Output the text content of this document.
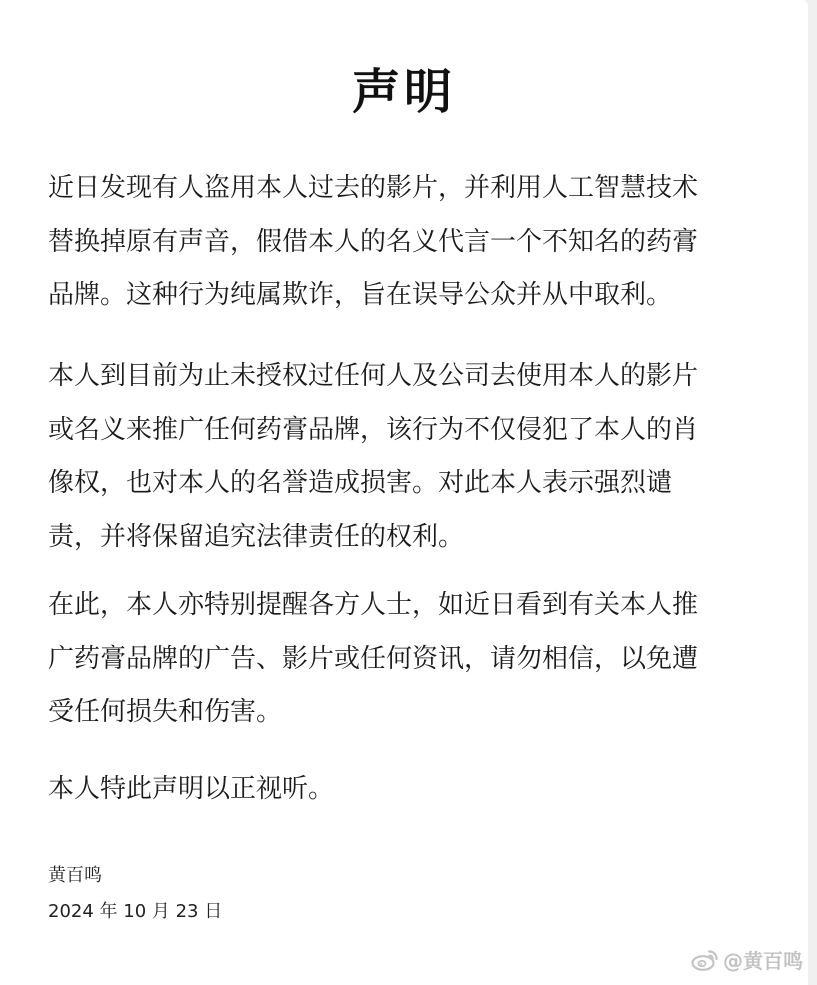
声明

近日发现有人盗用本人过去的影片，并利用人工智慧技术
替换掉原有声音，假借本人的名义代言一个不知名的药膏
品牌。这种行为纯属欺诈，旨在误导公众并从中取利。

本人到目前为止未授权过任何人及公司去使用本人的影片
或名义来推广任何药膏品牌，该行为不仅侵犯了本人的肖
像权，也对本人的名誉造成损害。对此本人表示强烈谴
责，并将保留追究法律责任的权利。

在此，本人亦特别提醒各方人士，如近日看到有关本人推
广药膏品牌的广告、影片或任何资讯，请勿相信，以免遭
受任何损失和伤害。

本人特此声明以正视听。

黄百鸣
2024 年 10 月 23 日
@黄百鸣
